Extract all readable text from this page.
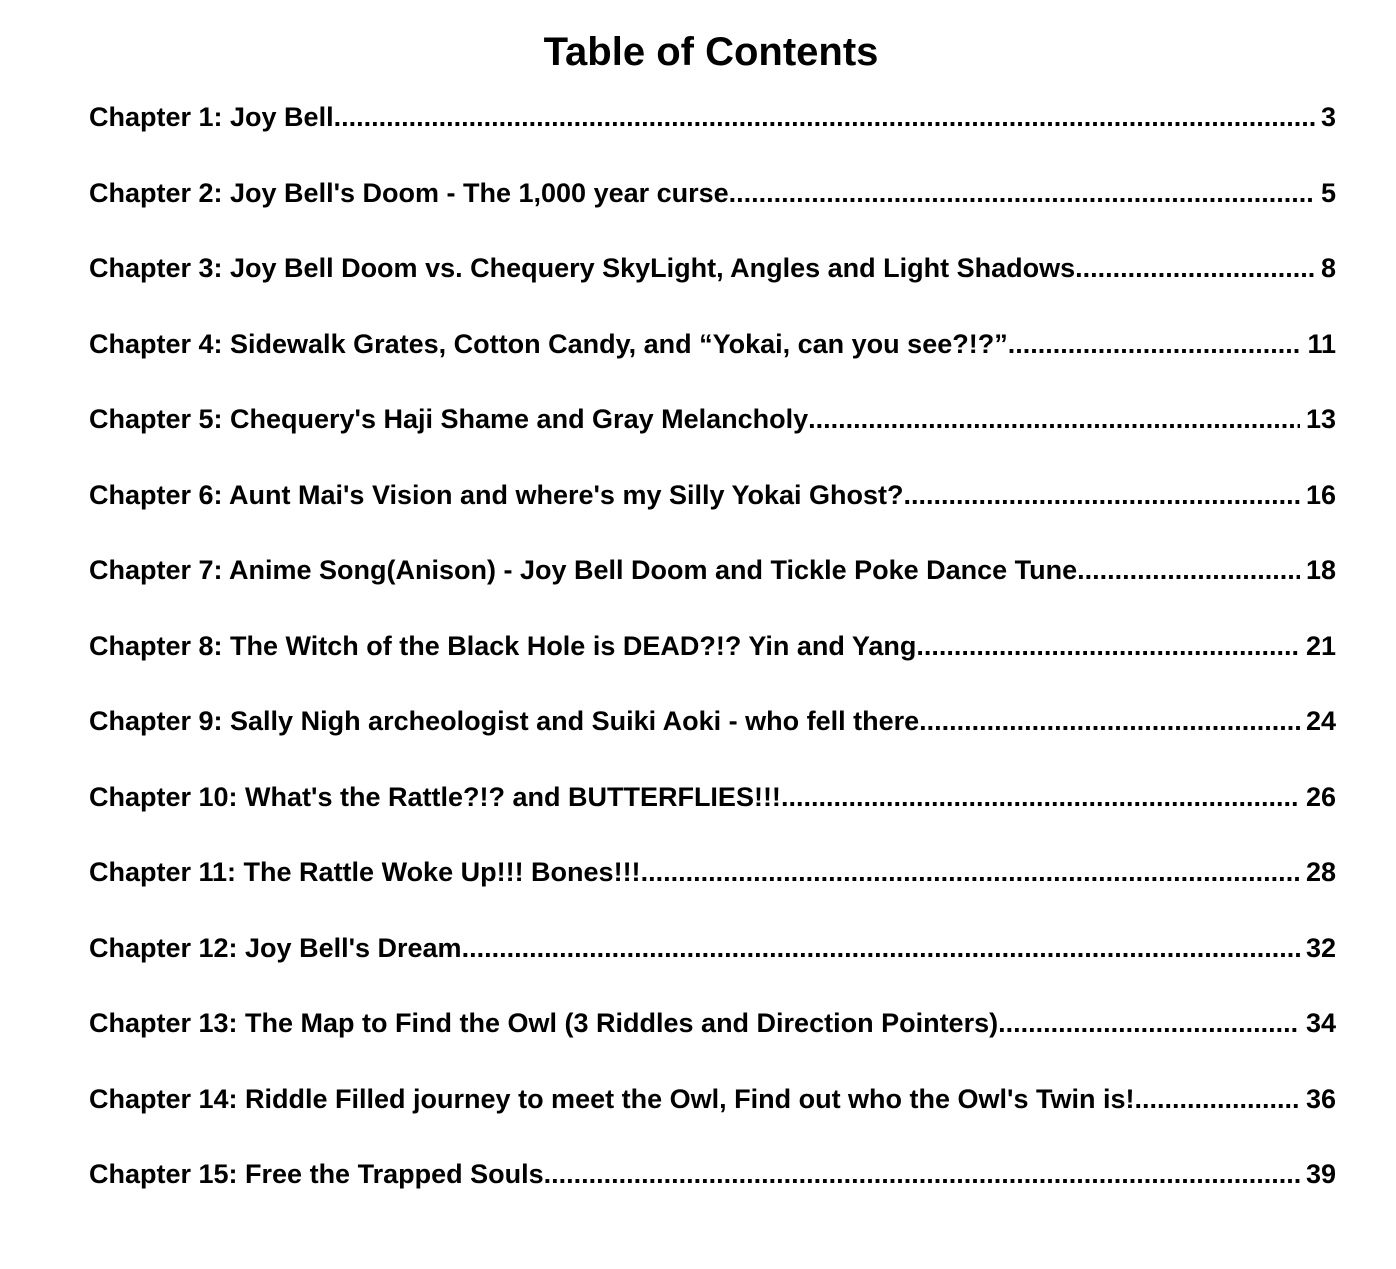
Table of Contents
Chapter 1: Joy Bell .....	3
Chapter 2: Joy Bell's Doom - The 1,000 year curse .....	5
Chapter 3: Joy Bell Doom vs. Chequery SkyLight, Angles and Light Shadows .....	8
Chapter 4: Sidewalk Grates, Cotton Candy, and “Yokai, can you see?!?” .....	11
Chapter 5: Chequery's Haji Shame and Gray Melancholy .....	13
Chapter 6: Aunt Mai's Vision and where's my Silly Yokai Ghost? .....	16
Chapter 7: Anime Song(Anison) - Joy Bell Doom and Tickle Poke Dance Tune .....	18
Chapter 8: The Witch of the Black Hole is DEAD?!? Yin and Yang .....	21
Chapter 9: Sally Nigh archeologist and Suiki Aoki - who fell there .....	24
Chapter 10: What's the Rattle?!? and BUTTERFLIES!!! .....	26
Chapter 11: The Rattle Woke Up!!! Bones!!! .....	28
Chapter 12: Joy Bell's Dream .....	32
Chapter 13: The Map to Find the Owl (3 Riddles and Direction Pointers) .....	34
Chapter 14: Riddle Filled journey to meet the Owl, Find out who the Owl's Twin is! .....	36
Chapter 15: Free the Trapped Souls .....	39
